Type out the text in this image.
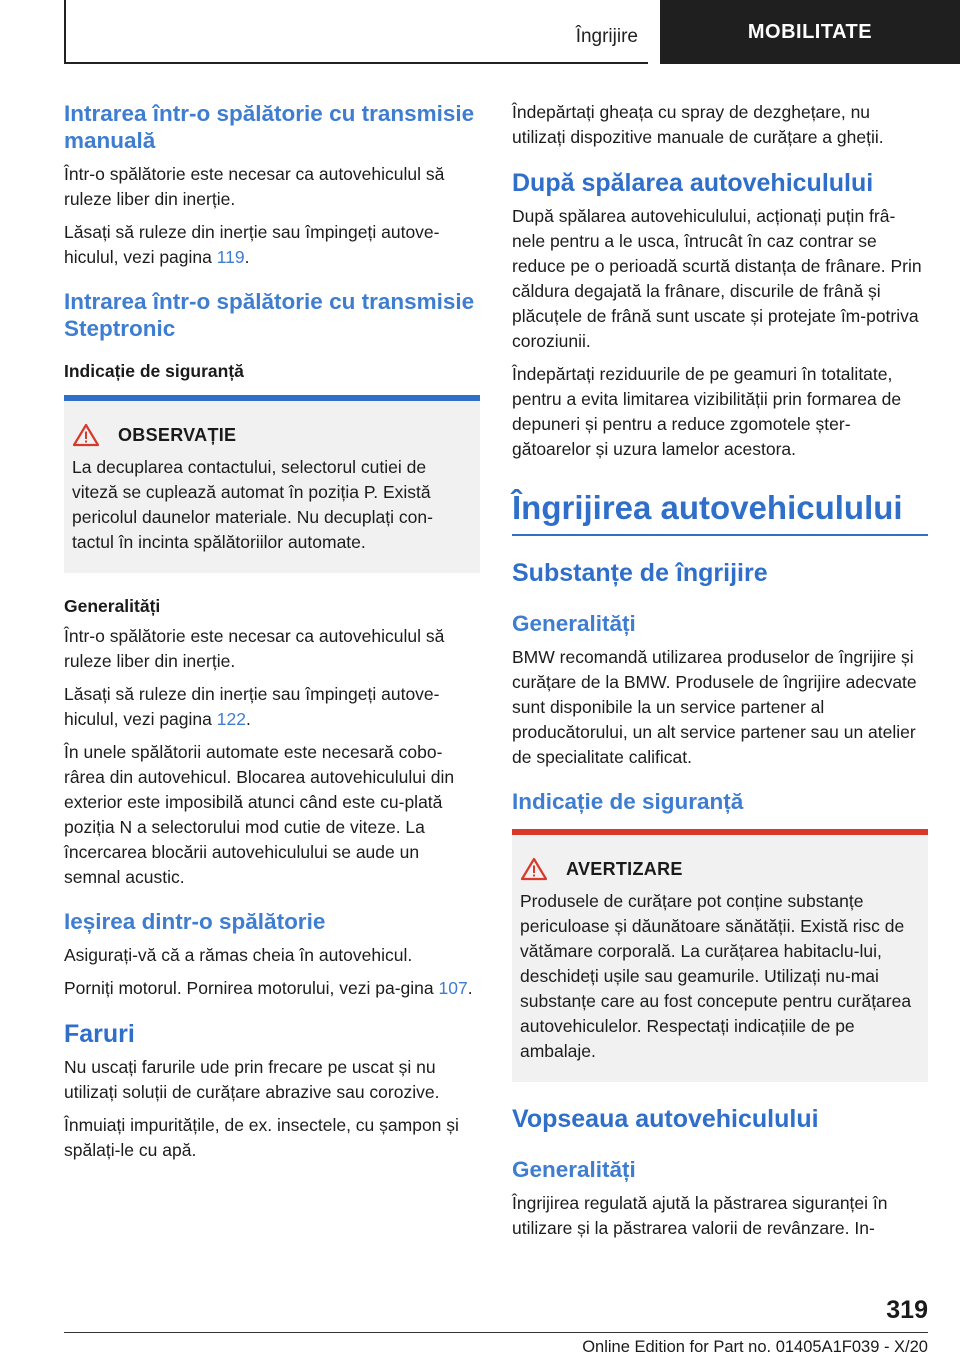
Îngrijire	MOBILITATE
Intrarea într-o spălătorie cu transmisie manuală

Într-o spălătorie este necesar ca autovehiculul să ruleze liber din inerție.

Lăsați să ruleze din inerție sau împingeți autove-hiculul, vezi pagina 119.

Intrarea într-o spălătorie cu transmisie Steptronic
Indicație de siguranță
OBSERVAȚIE

La decuplarea contactului, selectorul cutiei de viteză se cuplează automat în poziția P. Există pericolul daunelor materiale. Nu decuplați con-tactul în incinta spălătoriilor automate.

Generalități

Într-o spălătorie este necesar ca autovehiculul să ruleze liber din inerție.

Lăsați să ruleze din inerție sau împingeți autove-hiculul, vezi pagina 122.

În unele spălătorii automate este necesară cobo-rârea din autovehicul. Blocarea autovehiculului din exterior este imposibilă atunci când este cu-plată poziția N a selectorului mod cutie de viteze. La încercarea blocării autovehiculului se aude un semnal acustic.

Ieșirea dintr-o spălătorie

Asigurați-vă că a rămas cheia în autovehicul.

Porniți motorul. Pornirea motorului, vezi pa-gina 107.

Faruri

Nu uscați farurile ude prin frecare pe uscat și nu utilizați soluții de curățare abrazive sau corozive.

Înmuiați impuritățile, de ex. insectele, cu șampon și spălați-le cu apă.

Îndepărtați gheața cu spray de dezghețare, nu utilizați dispozitive manuale de curățare a gheții.

După spălarea autovehiculului

După spălarea autovehiculului, acționați puțin frâ-nele pentru a le usca, întrucât în caz contrar se reduce pe o perioadă scurtă distanța de frânare. Prin căldura degajată la frânare, discurile de frână și plăcuțele de frână sunt uscate și protejate îm-potriva coroziunii.

Îndepărtați reziduurile de pe geamuri în totalitate, pentru a evita limitarea vizibilității prin formarea de depuneri și pentru a reduce zgomotele șter-gătoarelor și uzura lamelor acestora.

Îngrijirea autovehiculului
Substanțe de îngrijire
Generalități

BMW recomandă utilizarea produselor de îngrijire și curățare de la BMW. Produsele de îngrijire adecvate sunt disponibile la un service partener al producătorului, un alt service partener sau un atelier de specialitate calificat.

Indicație de siguranță
AVERTIZARE

Produsele de curățare pot conține substanțe periculoase și dăunătoare sănătății. Există risc de vătămare corporală. La curățarea habitaclu-lui, deschideți ușile sau geamurile. Utilizați nu-mai substanțe care au fost concepute pentru curățarea autovehiculelor. Respectați indicațiile de pe ambalaje.

Vopseaua autovehiculului
Generalități

Îngrijirea regulată ajută la păstrarea siguranței în utilizare și la păstrarea valorii de revânzare. In-

319
Online Edition for Part no. 01405A1F039 - X/20
